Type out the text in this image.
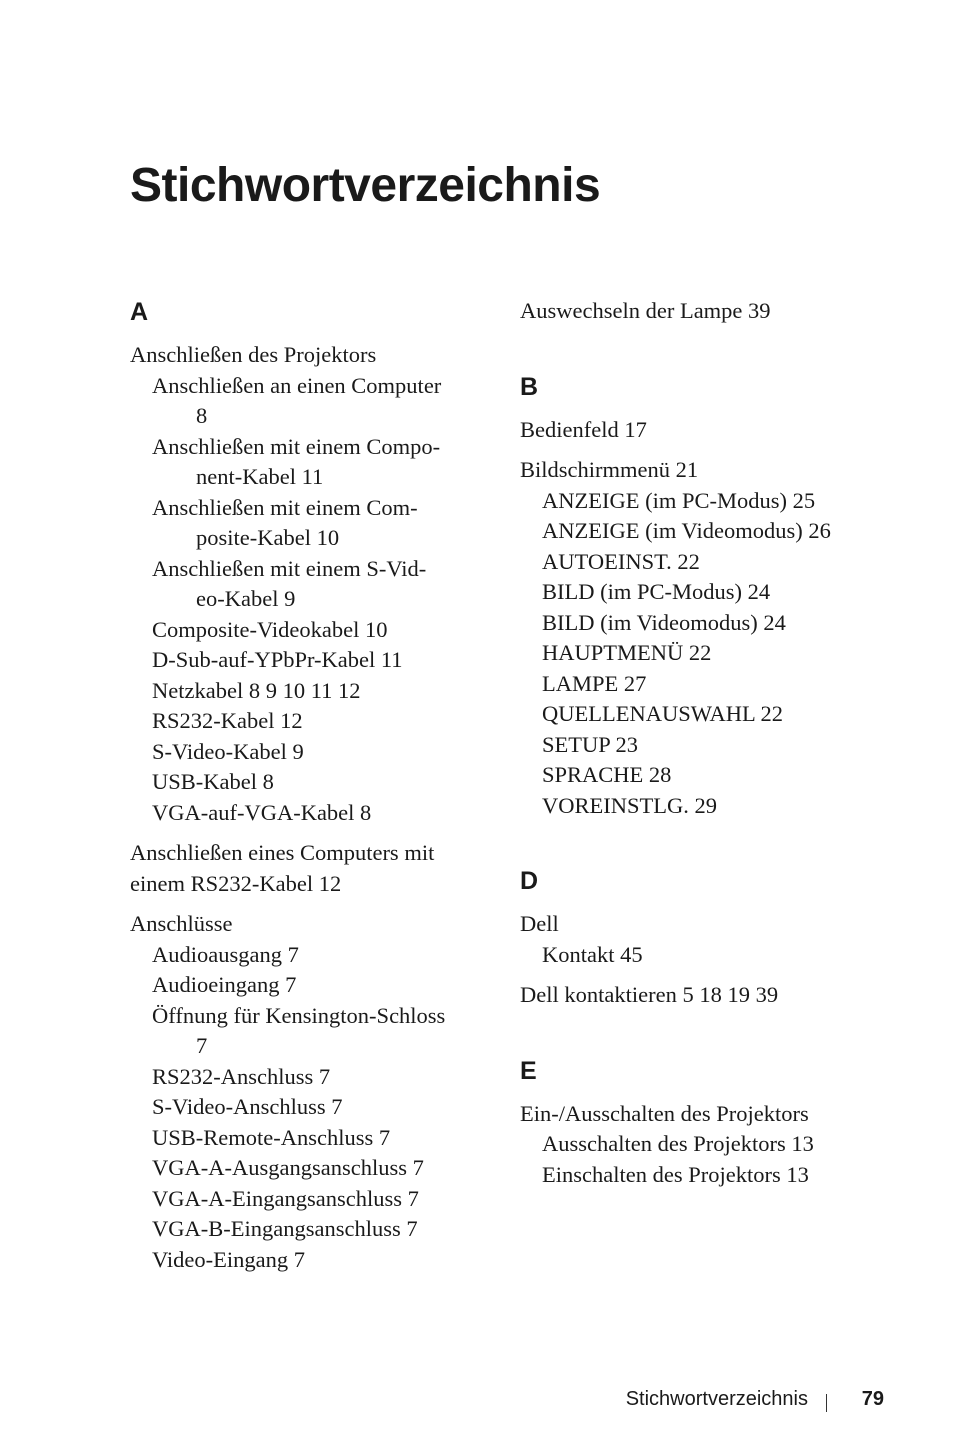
Stichwortverzeichnis
A
Anschließen des Projektors
Anschließen an einen Computer
8
Anschließen mit einem Compo-
nent-Kabel 11
Anschließen mit einem Com-
posite-Kabel 10
Anschließen mit einem S-Vid-
eo-Kabel 9
Composite-Videokabel 10
D-Sub-auf-YPbPr-Kabel 11
Netzkabel 8 9 10 11 12
RS232-Kabel 12
S-Video-Kabel 9
USB-Kabel 8
VGA-auf-VGA-Kabel 8
Anschließen eines Computers mit
einem RS232-Kabel 12
Anschlüsse
Audioausgang 7
Audioeingang 7
Öffnung für Kensington-Schloss
7
RS232-Anschluss 7
S-Video-Anschluss 7
USB-Remote-Anschluss 7
VGA-A-Ausgangsanschluss 7
VGA-A-Eingangsanschluss 7
VGA-B-Eingangsanschluss 7
Video-Eingang 7
Auswechseln der Lampe 39
B
Bedienfeld 17
Bildschirmmenü 21
ANZEIGE (im PC-Modus) 25
ANZEIGE (im Videomodus) 26
AUTOEINST. 22
BILD (im PC-Modus) 24
BILD (im Videomodus) 24
HAUPTMENÜ 22
LAMPE 27
QUELLENAUSWAHL 22
SETUP 23
SPRACHE 28
VOREINSTLG. 29
D
Dell
Kontakt 45
Dell kontaktieren 5 18 19 39
E
Ein-/Ausschalten des Projektors
Ausschalten des Projektors 13
Einschalten des Projektors 13
Stichwortverzeichnis	79
